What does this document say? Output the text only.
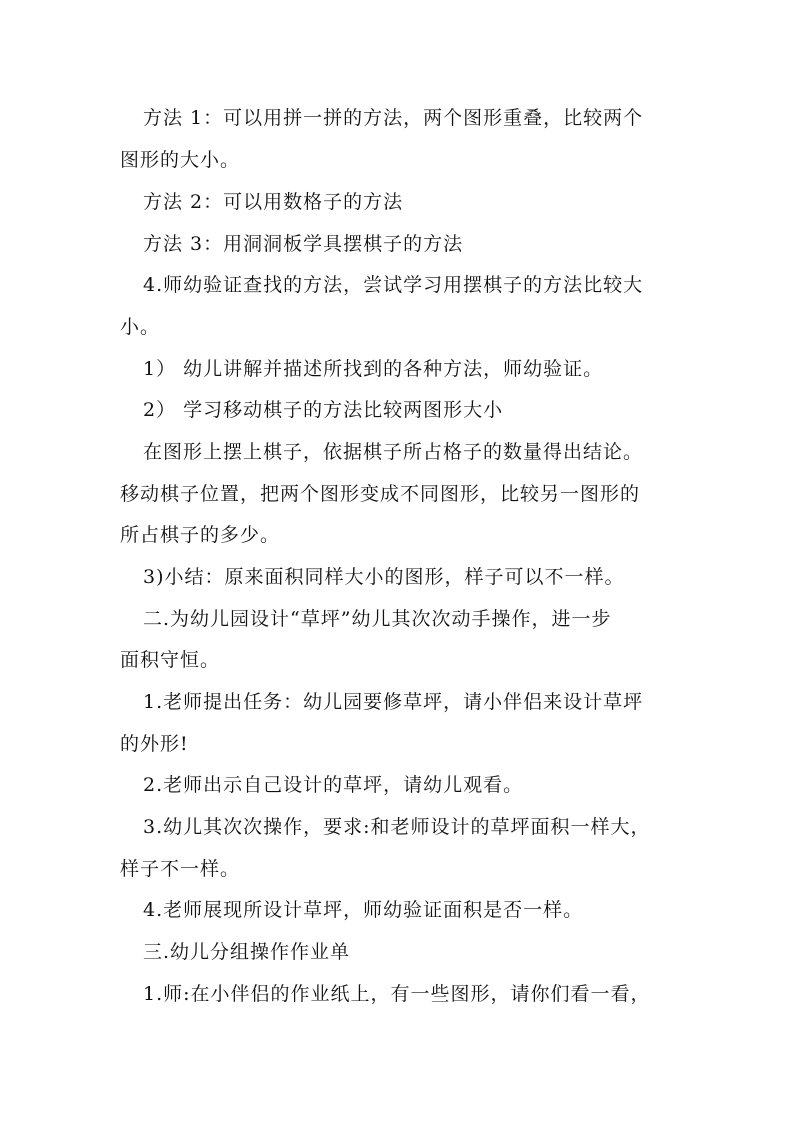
方法 1：可以用拼一拼的方法，两个图形重叠，比较两个
图形的大小。
方法 2：可以用数格子的方法
方法 3：用洞洞板学具摆棋子的方法
4.师幼验证查找的方法，尝试学习用摆棋子的方法比较大
小。
1） 幼儿讲解并描述所找到的各种方法，师幼验证。
2） 学习移动棋子的方法比较两图形大小
在图形上摆上棋子，依据棋子所占格子的数量得出结论。
移动棋子位置，把两个图形变成不同图形，比较另一图形的
所占棋子的多少。
3)小结：原来面积同样大小的图形，样子可以不一样。
二.为幼儿园设计“草坪”幼儿其次次动手操作，进一步
面积守恒。
1.老师提出任务：幼儿园要修草坪，请小伴侣来设计草坪
的外形!
2.老师出示自己设计的草坪，请幼儿观看。
3.幼儿其次次操作，要求:和老师设计的草坪面积一样大，
样子不一样。
4.老师展现所设计草坪，师幼验证面积是否一样。
三.幼儿分组操作作业单
1.师:在小伴侣的作业纸上，有一些图形，请你们看一看，
